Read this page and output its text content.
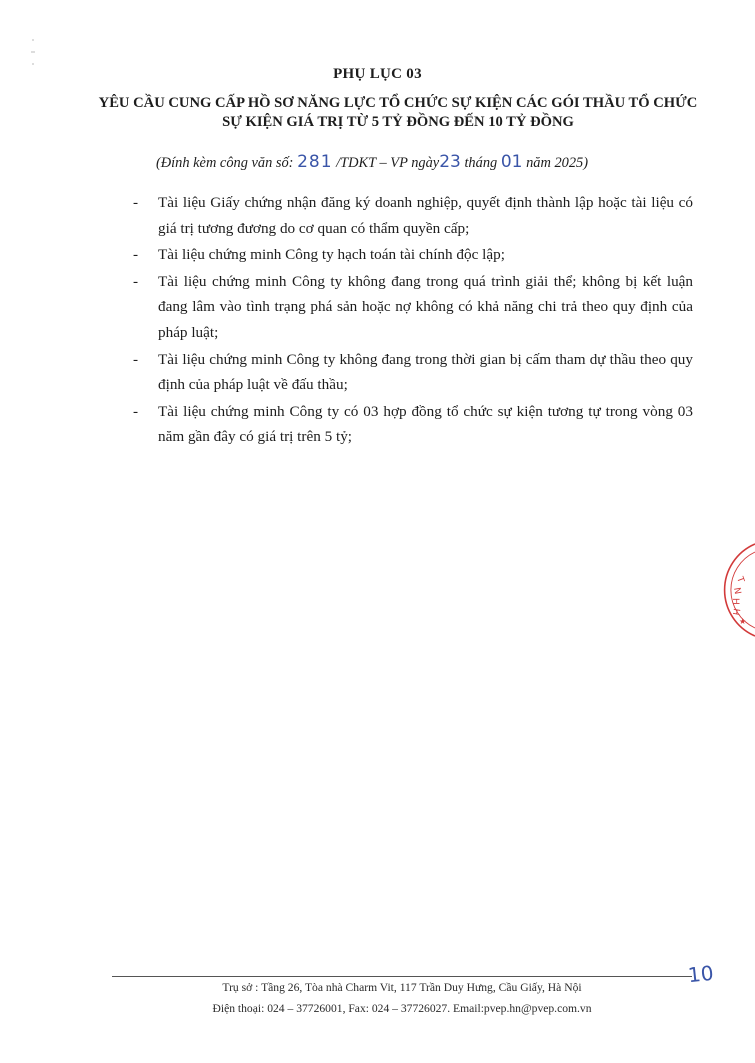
PHỤ LỤC 03
YÊU CẦU CUNG CẤP HỒ SƠ NĂNG LỰC TỔ CHỨC SỰ KIỆN CÁC GÓI THẦU TỔ CHỨC SỰ KIỆN GIÁ TRỊ TỪ 5 TỶ ĐỒNG ĐẾN 10 TỶ ĐỒNG
(Đính kèm công văn số: 281 /TDKT – VP ngày23 tháng 01 năm 2025)
- Tài liệu Giấy chứng nhận đăng ký doanh nghiệp, quyết định thành lập hoặc tài liệu có giá trị tương đương do cơ quan có thẩm quyền cấp;
- Tài liệu chứng minh Công ty hạch toán tài chính độc lập;
- Tài liệu chứng minh Công ty không đang trong quá trình giải thể; không bị kết luận đang lâm vào tình trạng phá sản hoặc nợ không có khả năng chi trả theo quy định của pháp luật;
- Tài liệu chứng minh Công ty không đang trong thời gian bị cấm tham dự thầu theo quy định của pháp luật về đấu thầu;
- Tài liệu chứng minh Công ty có 03 hợp đồng tổ chức sự kiện tương tự trong vòng 03 năm gần đây có giá trị trên 5 tỷ;
T
N
H
H
★
10
Trụ sở : Tầng 26, Tòa nhà Charm Vit, 117 Trần Duy Hưng, Cầu Giấy, Hà Nội
Điện thoại: 024 – 37726001, Fax: 024 – 37726027. Email:pvep.hn@pvep.com.vn
